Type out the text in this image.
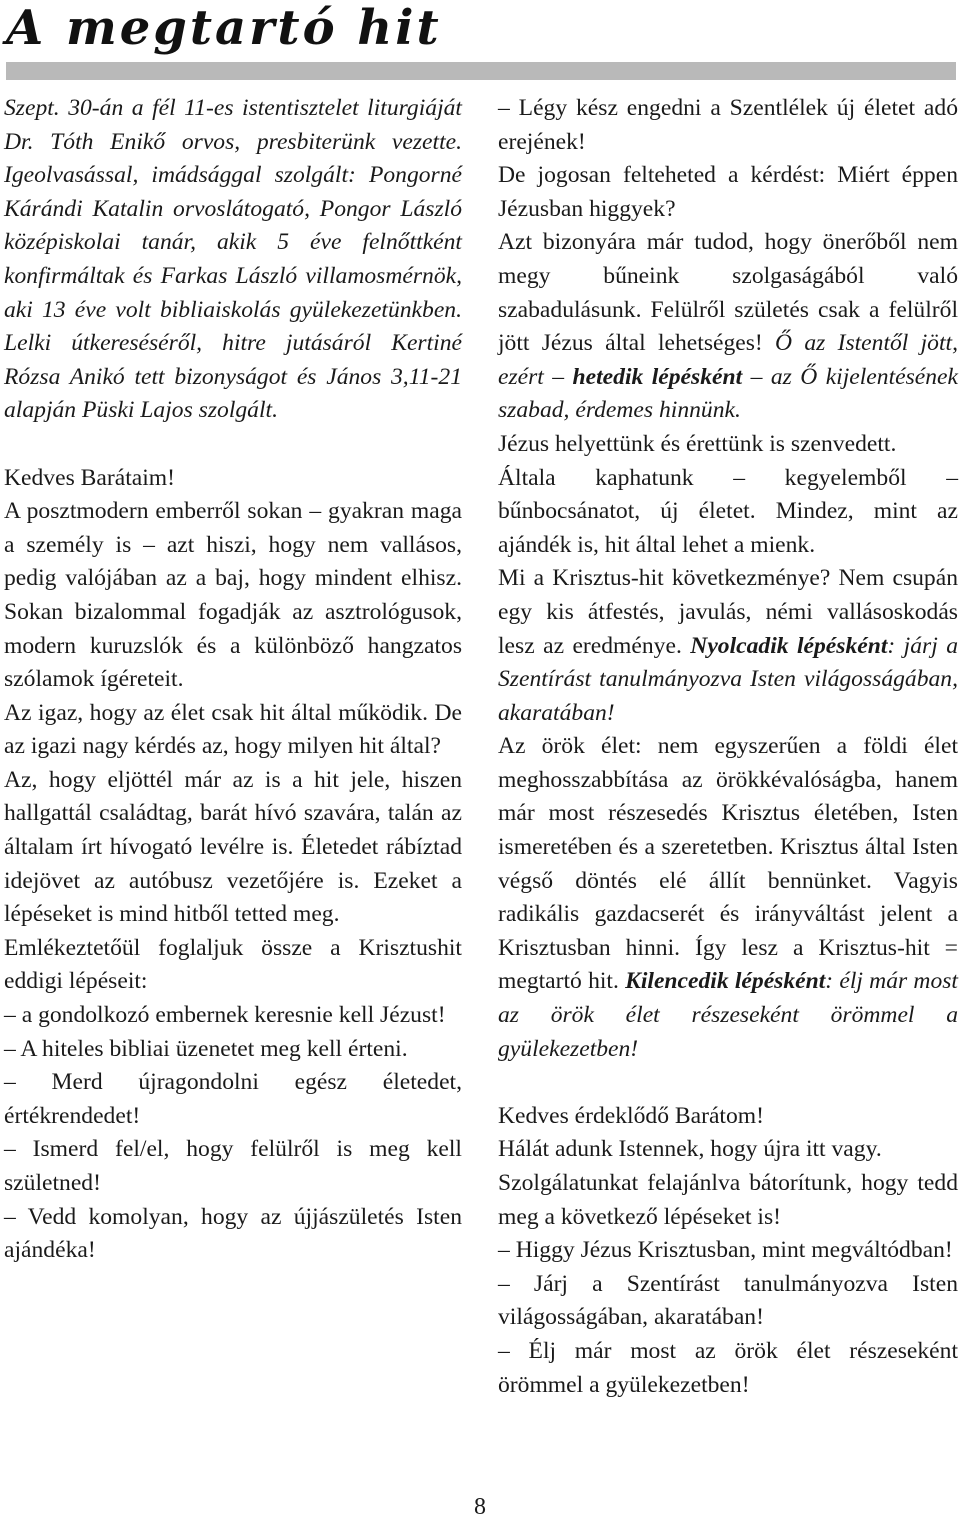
A megtartó hit

Szept. 30-án a fél 11-es istentisztelet liturgiáját Dr. Tóth Enikő orvos, presbiterünk vezette. Igeolvasással, imádsággal szolgált: Pongorné Kárándi Katalin orvoslátogató, Pongor László középiskolai tanár, akik 5 éve felnőttként konfirmáltak és Farkas László villamosmérnök, aki 13 éve volt bibliaiskolás gyülekezetünkben. Lelki útkereséséről, hitre jutásáról Kertiné Rózsa Anikó tett bizonyságot és János 3,11-21 alapján Püski Lajos szolgált.

Kedves Barátaim!

A posztmodern emberről sokan – gyakran maga a személy is – azt hiszi, hogy nem vallásos, pedig valójában az a baj, hogy mindent elhisz. Sokan bizalommal fogadják az asztrológusok, modern kuruzslók és a különböző hangzatos szólamok ígéreteit.

Az igaz, hogy az élet csak hit által működik. De az igazi nagy kérdés az, hogy milyen hit által?

Az, hogy eljöttél már az is a hit jele, hiszen hallgattál családtag, barát hívó szavára, talán az általam írt hívogató levélre is. Életedet rábíztad idejövet az autóbusz vezetőjére is. Ezeket a lépéseket is mind hitből tetted meg.

Emlékeztetőül foglaljuk össze a Krisztushit eddigi lépéseit:

– a gondolkozó embernek keresnie kell Jézust!

– A hiteles bibliai üzenetet meg kell érteni.

– Merd újragondolni egész életedet, értékrendedet!

– Ismerd fel/el, hogy felülről is meg kell születned!

– Vedd komolyan, hogy az újjászületés Isten ajándéka!

– Légy kész engedni a Szentlélek új életet adó erejének!

De jogosan felteheted a kérdést: Miért éppen Jézusban higgyek?

Azt bizonyára már tudod, hogy önerőből nem megy bűneink szolgaságából való szabadulásunk. Felülről születés csak a felülről jött Jézus által lehetséges! Ő az Istentől jött, ezért – hetedik lépésként – az Ő kijelentésének szabad, érdemes hinnünk.

Jézus helyettünk és érettünk is szenvedett.

Általa kaphatunk – kegyelemből – bűnbocsánatot, új életet. Mindez, mint az ajándék is, hit által lehet a mienk.

Mi a Krisztus-hit következménye? Nem csupán egy kis átfestés, javulás, némi vallásoskodás lesz az eredménye. Nyolcadik lépésként: járj a Szentírást tanulmányozva Isten világosságában, akaratában!

Az örök élet: nem egyszerűen a földi élet meghosszabbítása az örökkévalóságba, hanem már most részesedés Krisztus életében, Isten ismeretében és a szeretetben. Krisztus által Isten végső döntés elé állít bennünket. Vagyis radikális gazdacserét és irányváltást jelent a Krisztusban hinni. Így lesz a Krisztus-hit = megtartó hit. Kilencedik lépésként: élj már most az örök élet részeseként örömmel a gyülekezetben!

Kedves érdeklődő Barátom!

Hálát adunk Istennek, hogy újra itt vagy.

Szolgálatunkat felajánlva bátorítunk, hogy tedd meg a következő lépéseket is!

– Higgy Jézus Krisztusban, mint megváltódban!

– Járj a Szentírást tanulmányozva Isten világosságában, akaratában!

– Élj már most az örök élet részeseként örömmel a gyülekezetben!

8
